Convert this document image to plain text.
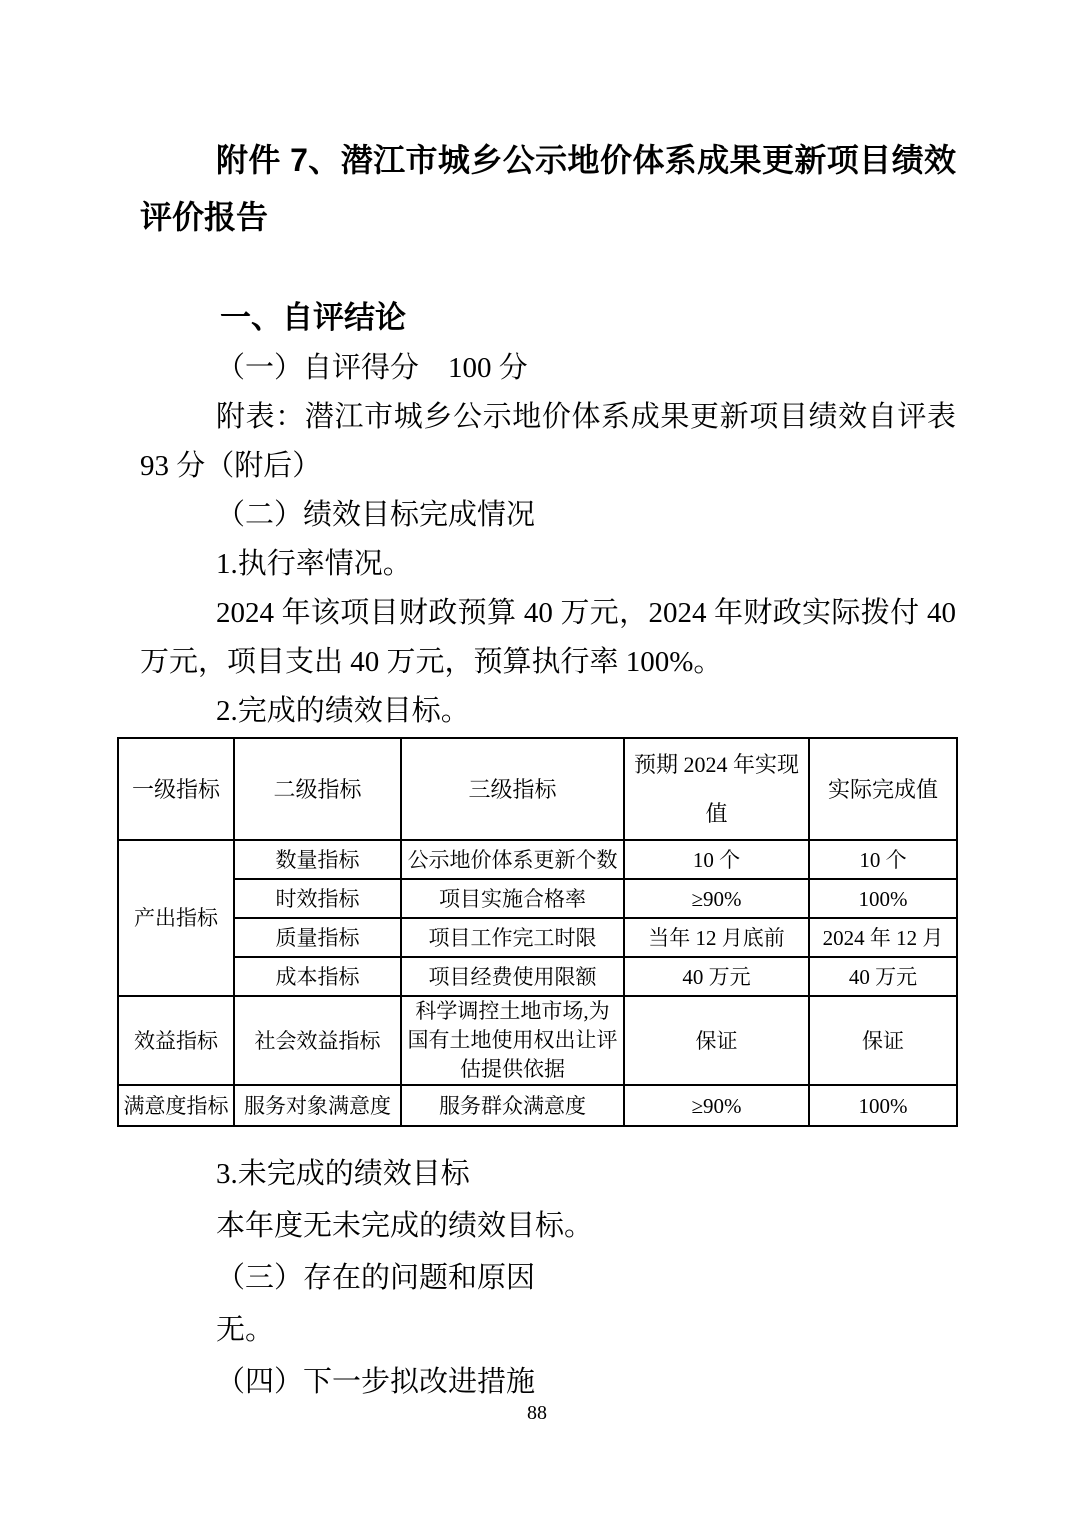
附件 7、潜江市城乡公示地价体系成果更新项目绩效评价报告
一、自评结论

（一）自评得分　100 分

附表：潜江市城乡公示地价体系成果更新项目绩效自评表 93 分（附后）

（二）绩效目标完成情况

1.执行率情况。

2024 年该项目财政预算 40 万元，2024 年财政实际拨付 40 万元，项目支出 40 万元，预算执行率 100%。

2.完成的绩效目标。

一级指标	二级指标	三级指标	预期 2024 年实现值	实际完成值
产出指标	数量指标	公示地价体系更新个数	10 个	10 个
	时效指标	项目实施合格率	≥90%	100%
	质量指标	项目工作完工时限	当年 12 月底前	2024 年 12 月
	成本指标	项目经费使用限额	40 万元	40 万元
效益指标	社会效益指标	科学调控土地市场,为国有土地使用权出让评估提供依据	保证	保证
满意度指标	服务对象满意度	服务群众满意度	≥90%	100%

3.未完成的绩效目标

本年度无未完成的绩效目标。

（三）存在的问题和原因

无。

（四）下一步拟改进措施

88
